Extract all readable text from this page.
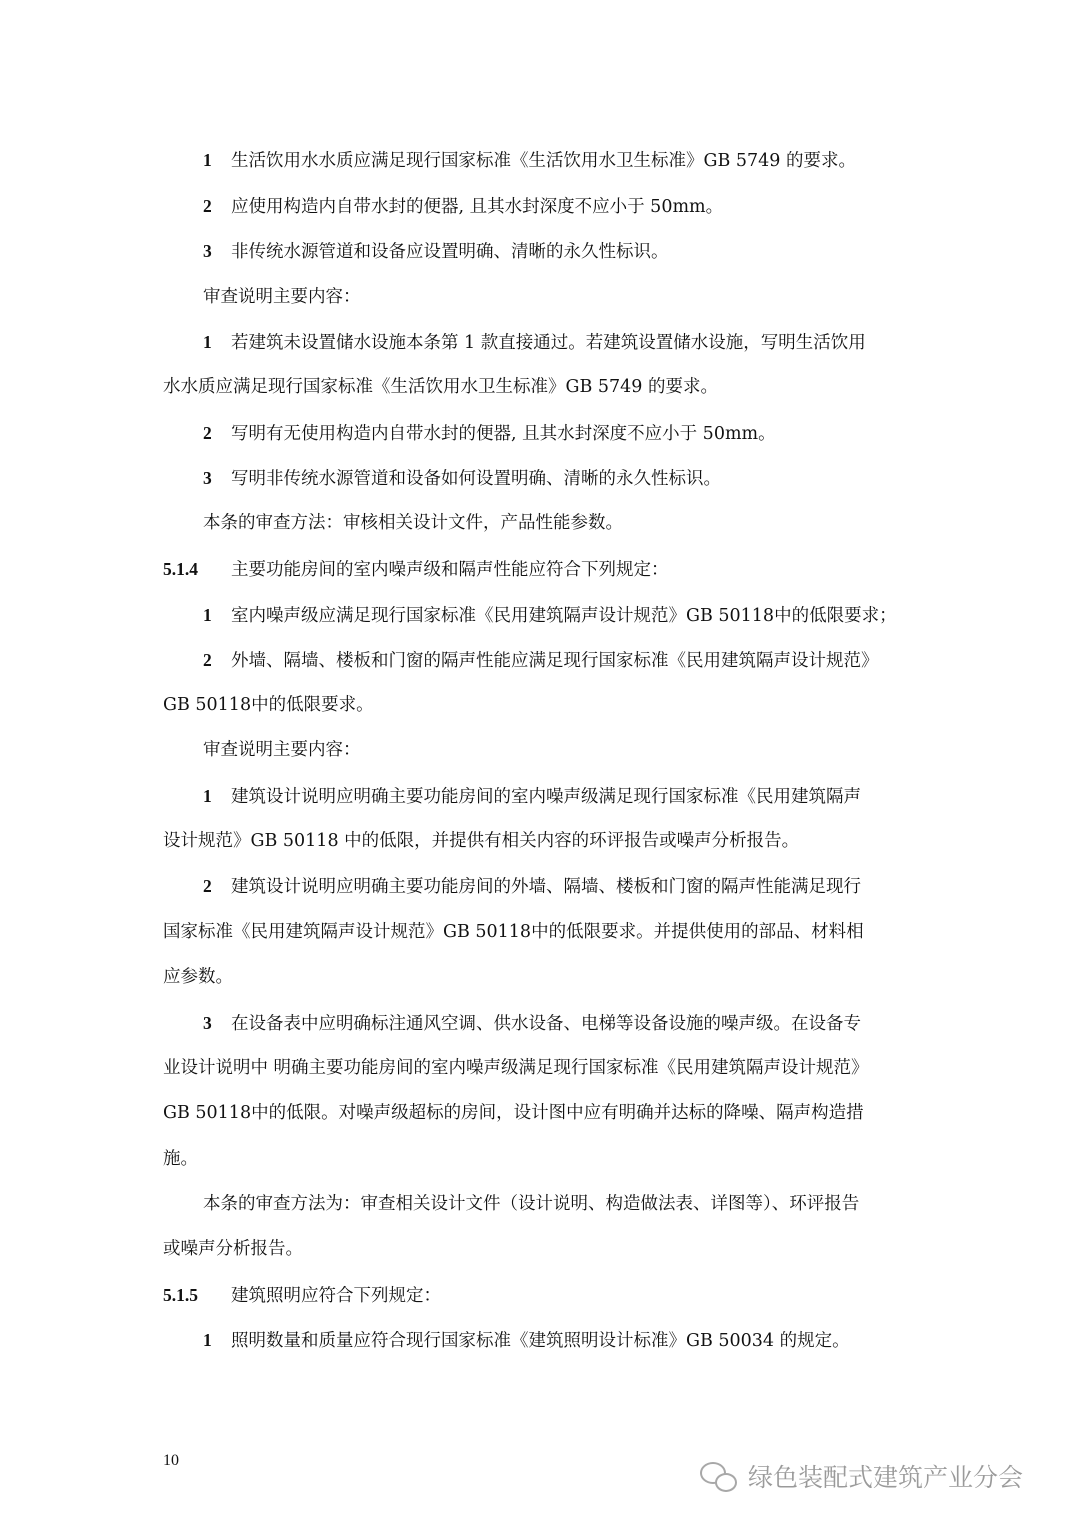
1 生活饮用水水质应满足现行国家标准《生活饮用水卫生标准》GB 5749 的要求。
2 应使用构造内自带水封的便器, 且其水封深度不应小于 50mm。
3 非传统水源管道和设备应设置明确、清晰的永久性标识。
审查说明主要内容：
1 若建筑未设置储水设施本条第 1 款直接通过。若建筑设置储水设施，写明生活饮用
水水质应满足现行国家标准《生活饮用水卫生标准》GB 5749 的要求。
2 写明有无使用构造内自带水封的便器, 且其水封深度不应小于 50mm。
3 写明非传统水源管道和设备如何设置明确、清晰的永久性标识。
本条的审查方法：审核相关设计文件，产品性能参数。
5.1.4 主要功能房间的室内噪声级和隔声性能应符合下列规定：
1 室内噪声级应满足现行国家标准《民用建筑隔声设计规范》GB 50118中的低限要求；
2 外墙、隔墙、楼板和门窗的隔声性能应满足现行国家标准《民用建筑隔声设计规范》
GB 50118中的低限要求。
审查说明主要内容：
1 建筑设计说明应明确主要功能房间的室内噪声级满足现行国家标准《民用建筑隔声
设计规范》GB 50118 中的低限，并提供有相关内容的环评报告或噪声分析报告。
2 建筑设计说明应明确主要功能房间的外墙、隔墙、楼板和门窗的隔声性能满足现行
国家标准《民用建筑隔声设计规范》GB 50118中的低限要求。并提供使用的部品、材料相
应参数。
3 在设备表中应明确标注通风空调、供水设备、电梯等设备设施的噪声级。在设备专
业设计说明中 明确主要功能房间的室内噪声级满足现行国家标准《民用建筑隔声设计规范》
GB 50118中的低限。对噪声级超标的房间，设计图中应有明确并达标的降噪、隔声构造措
施。
本条的审查方法为：审查相关设计文件（设计说明、构造做法表、详图等）、环评报告
或噪声分析报告。
5.1.5 建筑照明应符合下列规定：
1 照明数量和质量应符合现行国家标准《建筑照明设计标准》GB 50034 的规定。
10
绿色装配式建筑产业分会
